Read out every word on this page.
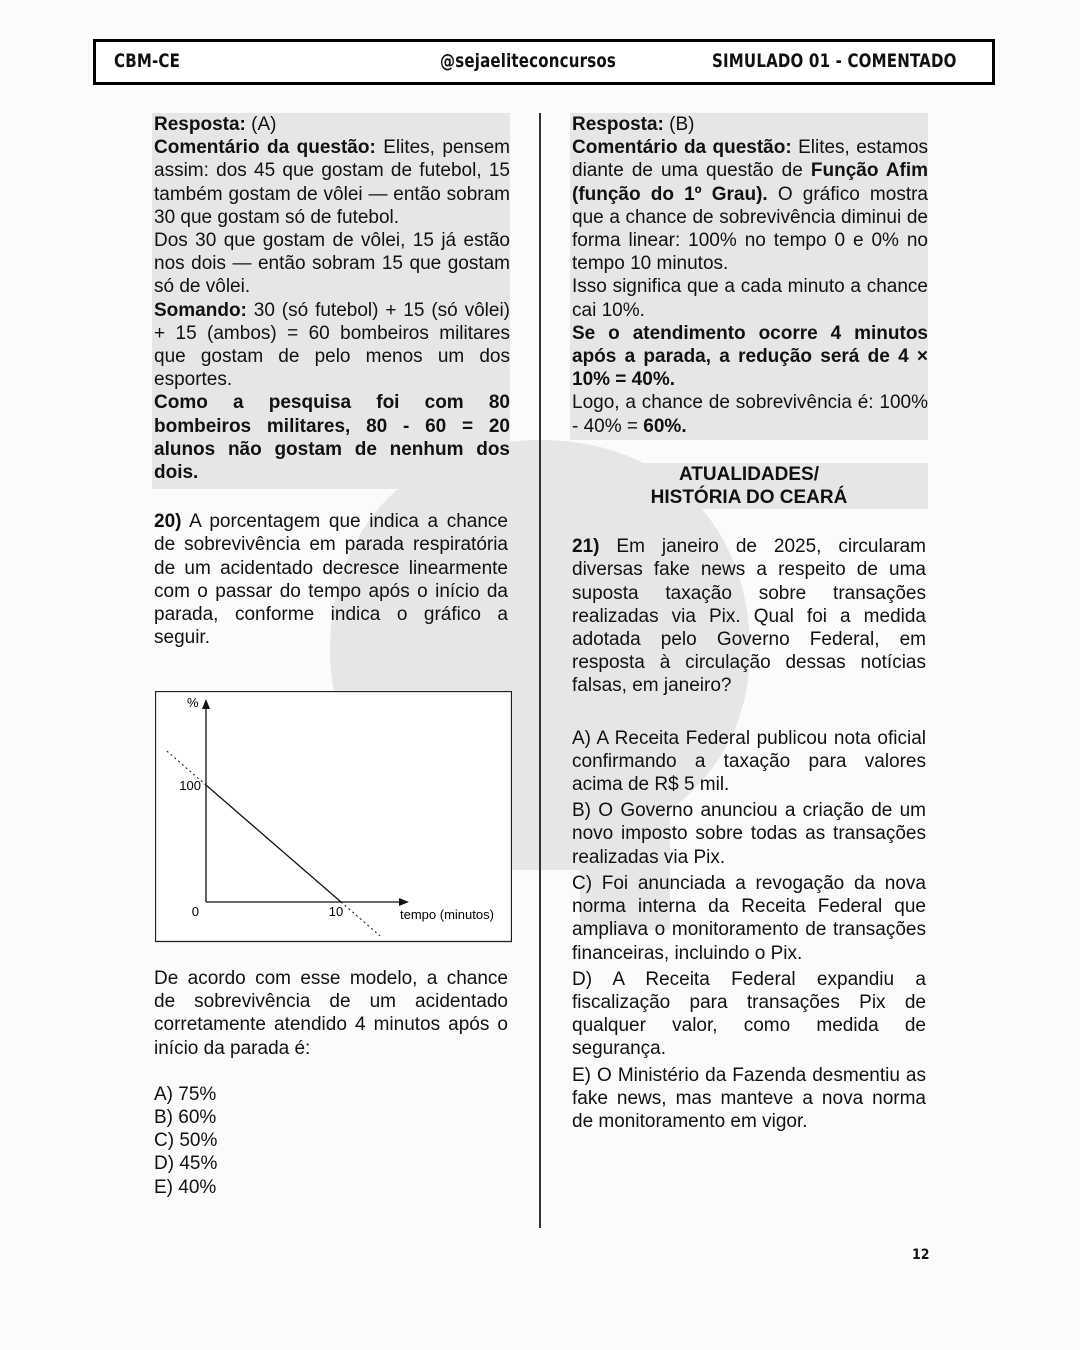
CBM-CE	@sejaeliteconcursos	SIMULADO 01 - COMENTADO

Resposta: (A)

Comentário da questão: Elites, pensem assim: dos 45 que gostam de futebol, 15 também gostam de vôlei — então sobram 30 que gostam só de futebol.

Dos 30 que gostam de vôlei, 15 já estão nos dois — então sobram 15 que gostam só de vôlei.

Somando: 30 (só futebol) + 15 (só vôlei) + 15 (ambos) = 60 bombeiros militares que gostam de pelo menos um dos esportes.

Como a pesquisa foi com 80 bombeiros militares, 80 - 60 = 20 alunos não gostam de nenhum dos dois.

20) A porcentagem que indica a chance de sobrevivência em parada respiratória de um acidentado decresce linearmente com o passar do tempo após o início da parada, conforme indica o gráfico a seguir.

%
tempo (minutos)
0	10
100

De acordo com esse modelo, a chance de sobrevivência de um acidentado corretamente atendido 4 minutos após o início da parada é:

A) 75%

B) 60%

C) 50%

D) 45%

E) 40%

Resposta: (B)

Comentário da questão: Elites, estamos diante de uma questão de Função Afim (função do 1º Grau). O gráfico mostra que a chance de sobrevivência diminui de forma linear: 100% no tempo 0 e 0% no tempo 10 minutos.

Isso significa que a cada minuto a chance cai 10%.

Se o atendimento ocorre 4 minutos após a parada, a redução será de 4 × 10% = 40%.

Logo, a chance de sobrevivência é: 100% - 40% = 60%.

ATUALIDADES/
HISTÓRIA DO CEARÁ

21) Em janeiro de 2025, circularam diversas fake news a respeito de uma suposta taxação sobre transações realizadas via Pix. Qual foi a medida adotada pelo Governo Federal, em resposta à circulação dessas notícias falsas, em janeiro?

A) A Receita Federal publicou nota oficial confirmando a taxação para valores acima de R$ 5 mil.

B) O Governo anunciou a criação de um novo imposto sobre todas as transações realizadas via Pix.

C) Foi anunciada a revogação da nova norma interna da Receita Federal que ampliava o monitoramento de transações financeiras, incluindo o Pix.

D) A Receita Federal expandiu a fiscalização para transações Pix de qualquer valor, como medida de segurança.

E) O Ministério da Fazenda desmentiu as fake news, mas manteve a nova norma de monitoramento em vigor.

12
